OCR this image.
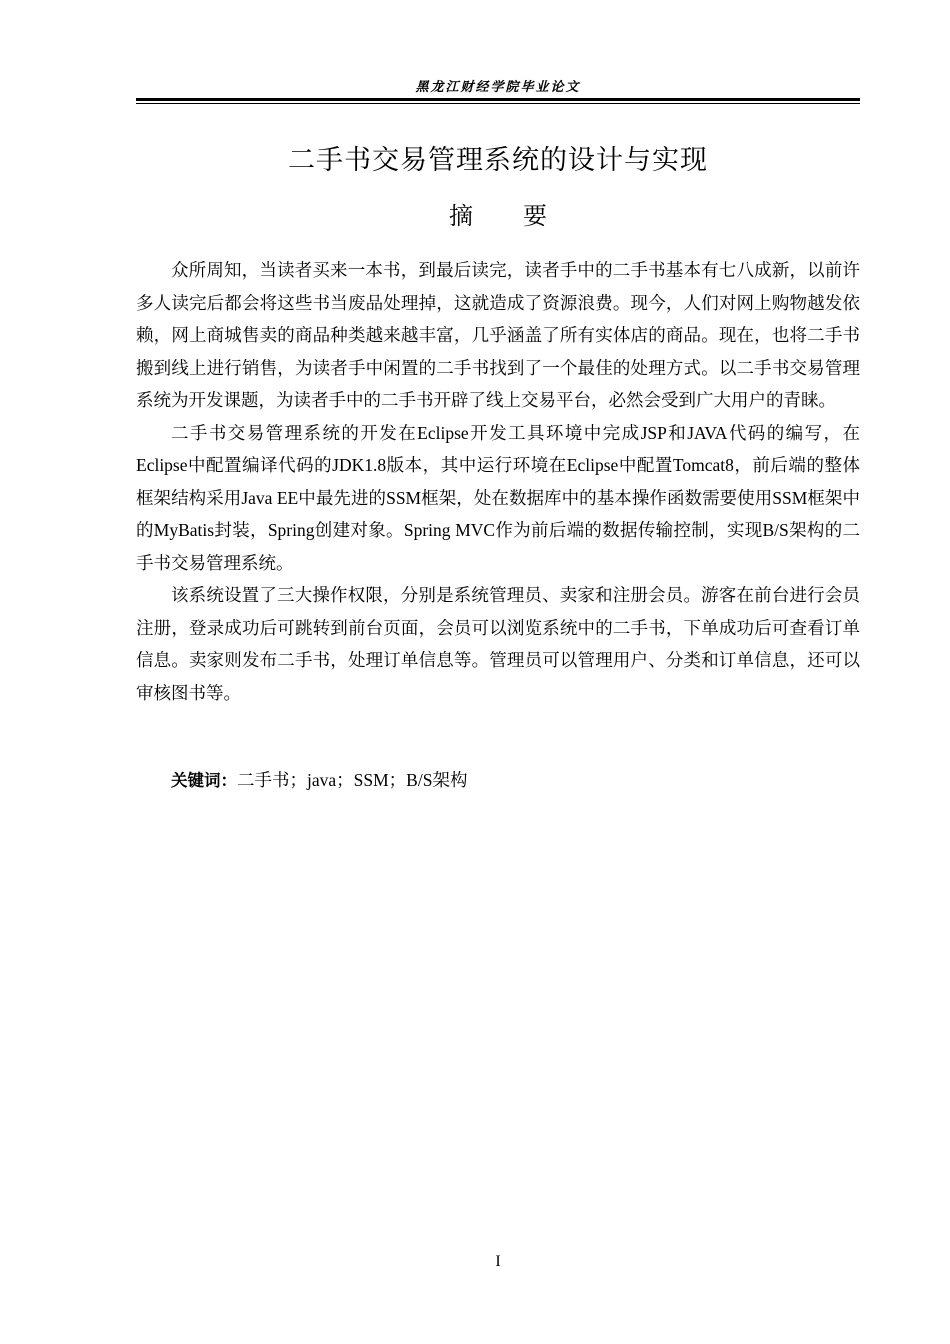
黑龙江财经学院毕业论文
二手书交易管理系统的设计与实现
摘 要

众所周知，当读者买来一本书，到最后读完，读者手中的二手书基本有七八成新，以前许多人读完后都会将这些书当废品处理掉，这就造成了资源浪费。现今，人们对网上购物越发依赖，网上商城售卖的商品种类越来越丰富，几乎涵盖了所有实体店的商品。现在，也将二手书搬到线上进行销售，为读者手中闲置的二手书找到了一个最佳的处理方式。以二手书交易管理系统为开发课题，为读者手中的二手书开辟了线上交易平台，必然会受到广大用户的青睐。

二手书交易管理系统的开发在Eclipse开发工具环境中完成JSP和JAVA代码的编写，在Eclipse中配置编译代码的JDK1.8版本，其中运行环境在Eclipse中配置Tomcat8，前后端的整体框架结构采用Java EE中最先进的SSM框架，处在数据库中的基本操作函数需要使用SSM框架中的MyBatis封装，Spring创建对象。Spring MVC作为前后端的数据传输控制，实现B/S架构的二手书交易管理系统。

该系统设置了三大操作权限，分别是系统管理员、卖家和注册会员。游客在前台进行会员注册，登录成功后可跳转到前台页面，会员可以浏览系统中的二手书，下单成功后可查看订单信息。卖家则发布二手书，处理订单信息等。管理员可以管理用户、分类和订单信息，还可以审核图书等。

关键词：二手书；java；SSM；B/S架构
I
